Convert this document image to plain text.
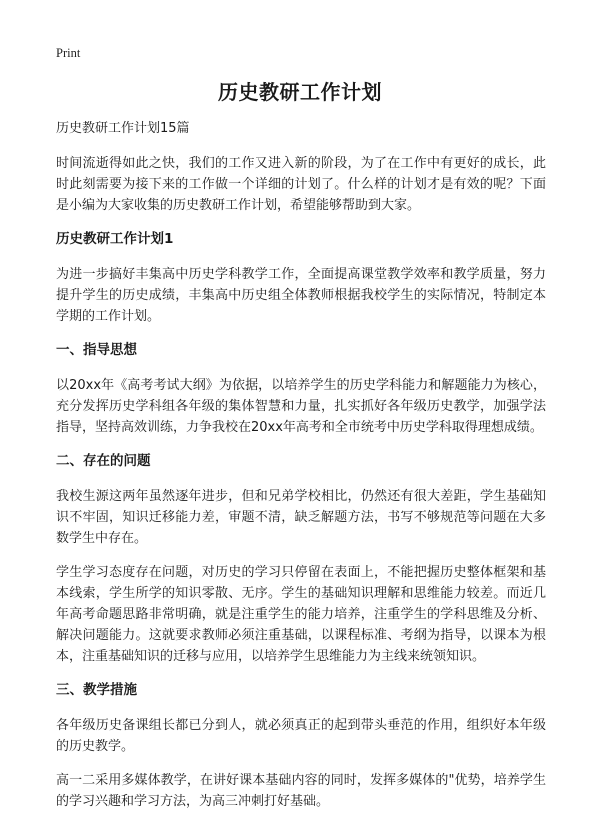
Print
历史教研工作计划

历史教研工作计划15篇

时间流逝得如此之快，我们的工作又进入新的阶段，为了在工作中有更好的成长，此时此刻需要为接下来的工作做一个详细的计划了。什么样的计划才是有效的呢？下面是小编为大家收集的历史教研工作计划，希望能够帮助到大家。

历史教研工作计划1

为进一步搞好丰集高中历史学科教学工作，全面提高课堂教学效率和教学质量，努力提升学生的历史成绩，丰集高中历史组全体教师根据我校学生的实际情况，特制定本学期的工作计划。

一、指导思想

以20xx年《高考考试大纲》为依据，以培养学生的历史学科能力和解题能力为核心，充分发挥历史学科组各年级的集体智慧和力量，扎实抓好各年级历史教学，加强学法指导，坚持高效训练，力争我校在20xx年高考和全市统考中历史学科取得理想成绩。

二、存在的问题

我校生源这两年虽然逐年进步，但和兄弟学校相比，仍然还有很大差距，学生基础知识不牢固，知识迁移能力差，审题不清，缺乏解题方法，书写不够规范等问题在大多数学生中存在。

学生学习态度存在问题，对历史的学习只停留在表面上，不能把握历史整体框架和基本线索，学生所学的知识零散、无序。学生的基础知识理解和思维能力较差。而近几年高考命题思路非常明确，就是注重学生的能力培养，注重学生的学科思维及分析、解决问题能力。这就要求教师必须注重基础，以课程标准、考纲为指导，以课本为根本，注重基础知识的迁移与应用，以培养学生思维能力为主线来统领知识。

三、教学措施

各年级历史备课组长都已分到人，就必须真正的起到带头垂范的作用，组织好本年级的历史教学。

高一二采用多媒体教学，在讲好课本基础内容的同时，发挥多媒体的"优势，培养学生的学习兴趣和学习方法，为高三冲刺打好基础。
